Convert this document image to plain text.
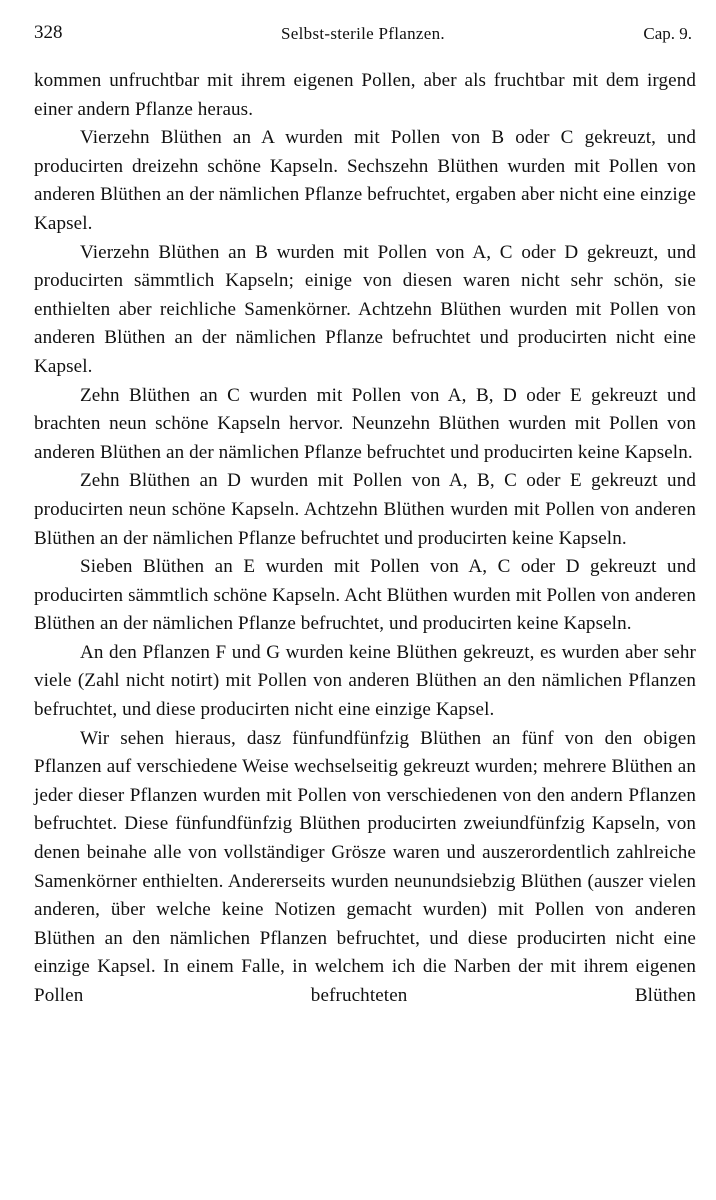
328	Selbst-sterile Pflanzen.	Cap. 9.

kommen unfruchtbar mit ihrem eigenen Pollen, aber als fruchtbar mit dem irgend einer andern Pflanze heraus.

Vierzehn Blüthen an A wurden mit Pollen von B oder C gekreuzt, und producirten dreizehn schöne Kapseln. Sechszehn Blüthen wurden mit Pollen von anderen Blüthen an der nämlichen Pflanze befruchtet, ergaben aber nicht eine einzige Kapsel.

Vierzehn Blüthen an B wurden mit Pollen von A, C oder D gekreuzt, und producirten sämmtlich Kapseln; einige von diesen waren nicht sehr schön, sie enthielten aber reichliche Samenkörner. Achtzehn Blüthen wurden mit Pollen von anderen Blüthen an der nämlichen Pflanze befruchtet und producirten nicht eine Kapsel.

Zehn Blüthen an C wurden mit Pollen von A, B, D oder E gekreuzt und brachten neun schöne Kapseln hervor. Neunzehn Blüthen wurden mit Pollen von anderen Blüthen an der nämlichen Pflanze befruchtet und producirten keine Kapseln.

Zehn Blüthen an D wurden mit Pollen von A, B, C oder E gekreuzt und producirten neun schöne Kapseln. Achtzehn Blüthen wurden mit Pollen von anderen Blüthen an der nämlichen Pflanze befruchtet und producirten keine Kapseln.

Sieben Blüthen an E wurden mit Pollen von A, C oder D gekreuzt und producirten sämmtlich schöne Kapseln. Acht Blüthen wurden mit Pollen von anderen Blüthen an der nämlichen Pflanze befruchtet, und producirten keine Kapseln.

An den Pflanzen F und G wurden keine Blüthen gekreuzt, es wurden aber sehr viele (Zahl nicht notirt) mit Pollen von anderen Blüthen an den nämlichen Pflanzen befruchtet, und diese producirten nicht eine einzige Kapsel.

Wir sehen hieraus, dasz fünfundfünfzig Blüthen an fünf von den obigen Pflanzen auf verschiedene Weise wechselseitig gekreuzt wurden; mehrere Blüthen an jeder dieser Pflanzen wurden mit Pollen von verschiedenen von den andern Pflanzen befruchtet. Diese fünfundfünfzig Blüthen producirten zweiundfünfzig Kapseln, von denen beinahe alle von vollständiger Grösze waren und auszerordentlich zahlreiche Samenkörner enthielten. Andererseits wurden neunundsiebzig Blüthen (auszer vielen anderen, über welche keine Notizen gemacht wurden) mit Pollen von anderen Blüthen an den nämlichen Pflanzen befruchtet, und diese producirten nicht eine einzige Kapsel. In einem Falle, in welchem ich die Narben der mit ihrem eigenen Pollen befruchteten Blüthen
